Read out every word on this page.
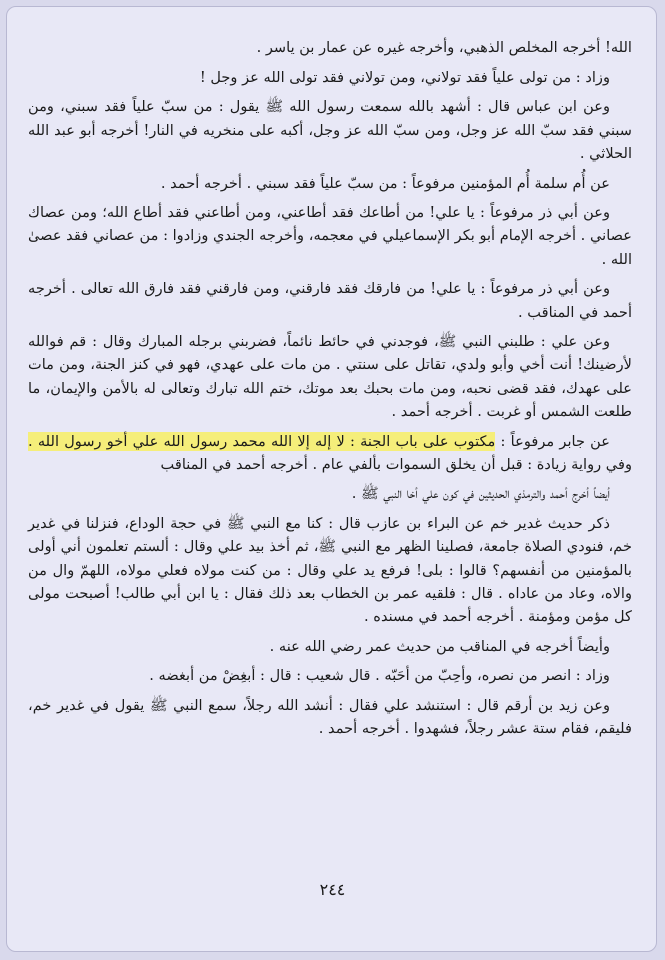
الله! أخرجه المخلص الذهبي، وأخرجه غيره عن عمار بن ياسر .

وزاد : من تولى علياً فقد تولاني، ومن تولاني فقد تولى الله عز وجل !

وعن ابن عباس قال : أشهد بالله سمعت رسول الله ﷺ يقول : من سبّ علياً فقد سبني، ومن سبني فقد سبّ الله عز وجل، ومن سبّ الله عز وجل، أكبه على منخريه في النار! أخرجه أبو عبد الله الحلاثي .

عن أُم سلمة أُم المؤمنين مرفوعاً : من سبّ علياً فقد سبني . أخرجه أحمد .

وعن أبي ذر مرفوعاً : يا علي! من أطاعك فقد أطاعني، ومن أطاعني فقد أطاع الله؛ ومن عصاك عصاني . أخرجه الإمام أبو بكر الإسماعيلي في معجمه، وأخرجه الجندي وزادوا : من عصاني فقد عصىٰ الله .

وعن أبي ذر مرفوعاً : يا علي! من فارقك فقد فارقني، ومن فارقني فقد فارق الله تعالى . أخرجه أحمد في المناقب .

وعن علي : طلبني النبي ﷺ، فوجدني في حائط نائماً، فضربني برجله المبارك وقال : قم فوالله لأرضينك! أنت أخي وأبو ولدي، تقاتل على سنتي . من مات على عهدي، فهو في كنز الجنة، ومن مات على عهدك، فقد قضى نحبه، ومن مات بحبك بعد موتك، ختم الله تبارك وتعالى له بالأمن والإيمان، ما طلعت الشمس أو غربت . أخرجه أحمد .

عن جابر مرفوعاً : مكتوب على باب الجنة : لا إله إلا الله محمد رسول الله علي أخو رسول الله . وفي رواية زيادة : قبل أن يخلق السموات بألفي عام . أخرجه أحمد في المناقب

أيضاً أخرج أحمد والترمذي الحديثين في كون علي أخا النبي ﷺ .

ذكر حديث غدير خم عن البراء بن عازب قال : كنا مع النبي ﷺ في حجة الوداع، فنزلنا في غدير خم، فنودي الصلاة جامعة، فصلينا الظهر مع النبي ﷺ، ثم أخذ بيد علي وقال : ألستم تعلمون أني أولى بالمؤمنين من أنفسهم؟ قالوا : بلى! فرفع يد علي وقال : من كنت مولاه فعلي مولاه، اللهمّ وال من والاه، وعاد من عاداه . قال : فلقيه عمر بن الخطاب بعد ذلك فقال : يا ابن أبي طالب! أصبحت مولى كل مؤمن ومؤمنة . أخرجه أحمد في مسنده .

وأيضاً أخرجه في المناقب من حديث عمر رضي الله عنه .

وزاد : انصر من نصره، وأحِبّ من أحَبّه . قال شعيب : قال : أبغِضْ من أبغضه .

وعن زيد بن أرقم قال : استنشد علي فقال : أنشد الله رجلاً، سمع النبي ﷺ يقول في غدير خم، فليقم، فقام ستة عشر رجلاً، فشهدوا . أخرجه أحمد .

٢٤٤
